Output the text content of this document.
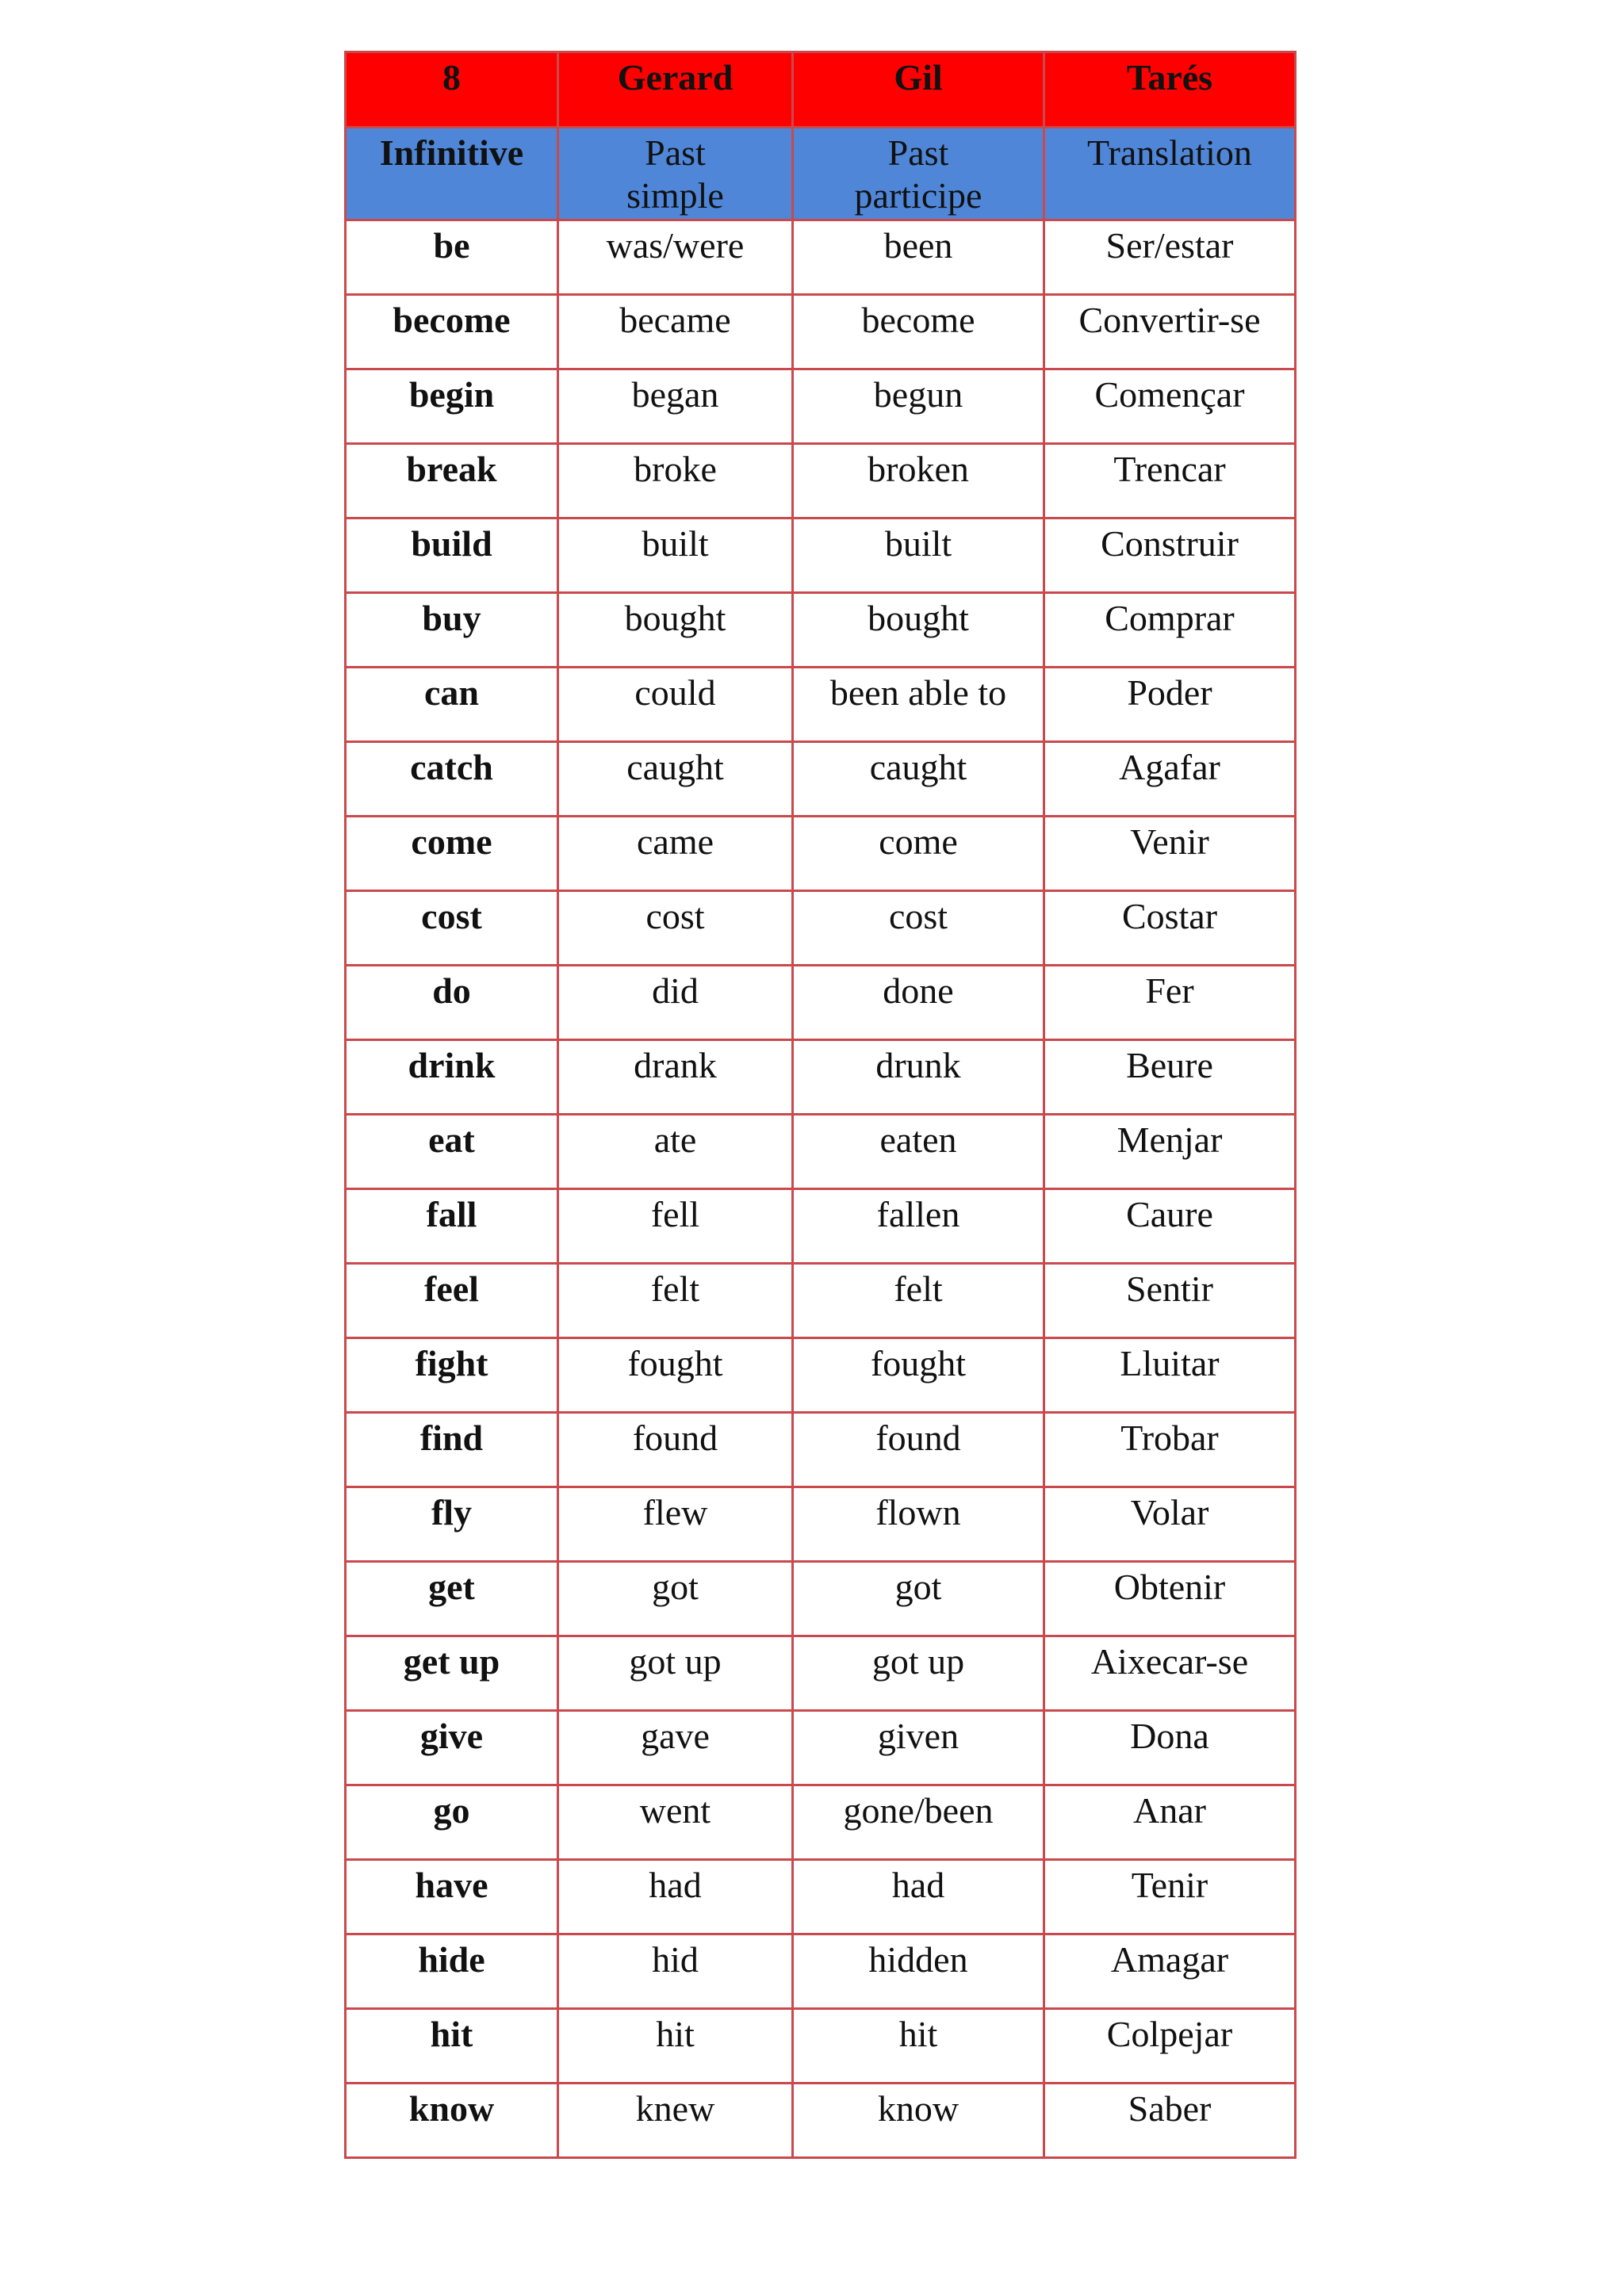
8	Gerard	Gil	Tarés
Infinitive	Past simple	Past participe	Translation
be	was/were	been	Ser/estar
become	became	become	Convertir-se
begin	began	begun	Començar
break	broke	broken	Trencar
build	built	built	Construir
buy	bought	bought	Comprar
can	could	been able to	Poder
catch	caught	caught	Agafar
come	came	come	Venir
cost	cost	cost	Costar
do	did	done	Fer
drink	drank	drunk	Beure
eat	ate	eaten	Menjar
fall	fell	fallen	Caure
feel	felt	felt	Sentir
fight	fought	fought	Lluitar
find	found	found	Trobar
fly	flew	flown	Volar
get	got	got	Obtenir
get up	got up	got up	Aixecar-se
give	gave	given	Dona
go	went	gone/been	Anar
have	had	had	Tenir
hide	hid	hidden	Amagar
hit	hit	hit	Colpejar
know	knew	know	Saber
